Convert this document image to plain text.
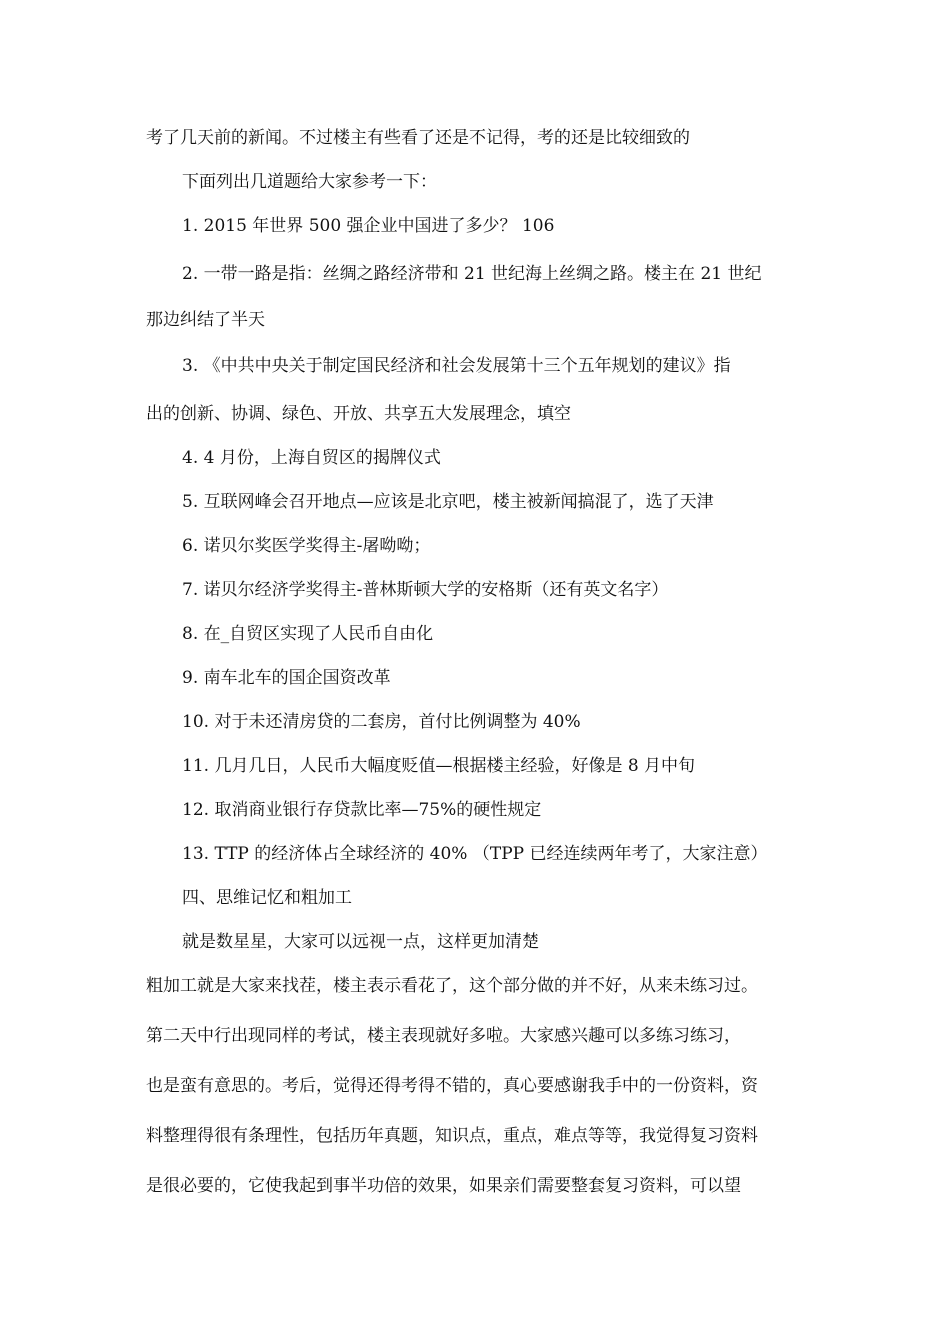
考了几天前的新闻。不过楼主有些看了还是不记得，考的还是比较细致的

下面列出几道题给大家参考一下：

1. 2015 年世界 500 强企业中国进了多少？ 106

2. 一带一路是指：丝绸之路经济带和 21 世纪海上丝绸之路。楼主在 21 世纪

那边纠结了半天

3. 《中共中央关于制定国民经济和社会发展第十三个五年规划的建议》指

出的创新、协调、绿色、开放、共享五大发展理念，填空

4. 4 月份，上海自贸区的揭牌仪式

5. 互联网峰会召开地点—应该是北京吧，楼主被新闻搞混了，选了天津

6. 诺贝尔奖医学奖得主-屠呦呦；

7. 诺贝尔经济学奖得主-普林斯顿大学的安格斯（还有英文名字）

8. 在_自贸区实现了人民币自由化

9. 南车北车的国企国资改革

10. 对于未还清房贷的二套房，首付比例调整为 40%

11. 几月几日，人民币大幅度贬值—根据楼主经验，好像是 8 月中旬

12. 取消商业银行存贷款比率—75%的硬性规定

13. TTP 的经济体占全球经济的 40% （TPP 已经连续两年考了，大家注意）

四、思维记忆和粗加工

就是数星星，大家可以远视一点，这样更加清楚

粗加工就是大家来找茬，楼主表示看花了，这个部分做的并不好，从来未练习过。

第二天中行出现同样的考试，楼主表现就好多啦。大家感兴趣可以多练习练习，

也是蛮有意思的。考后，觉得还得考得不错的，真心要感谢我手中的一份资料，资

料整理得很有条理性，包括历年真题，知识点，重点，难点等等，我觉得复习资料

是很必要的，它使我起到事半功倍的效果，如果亲们需要整套复习资料，可以望
